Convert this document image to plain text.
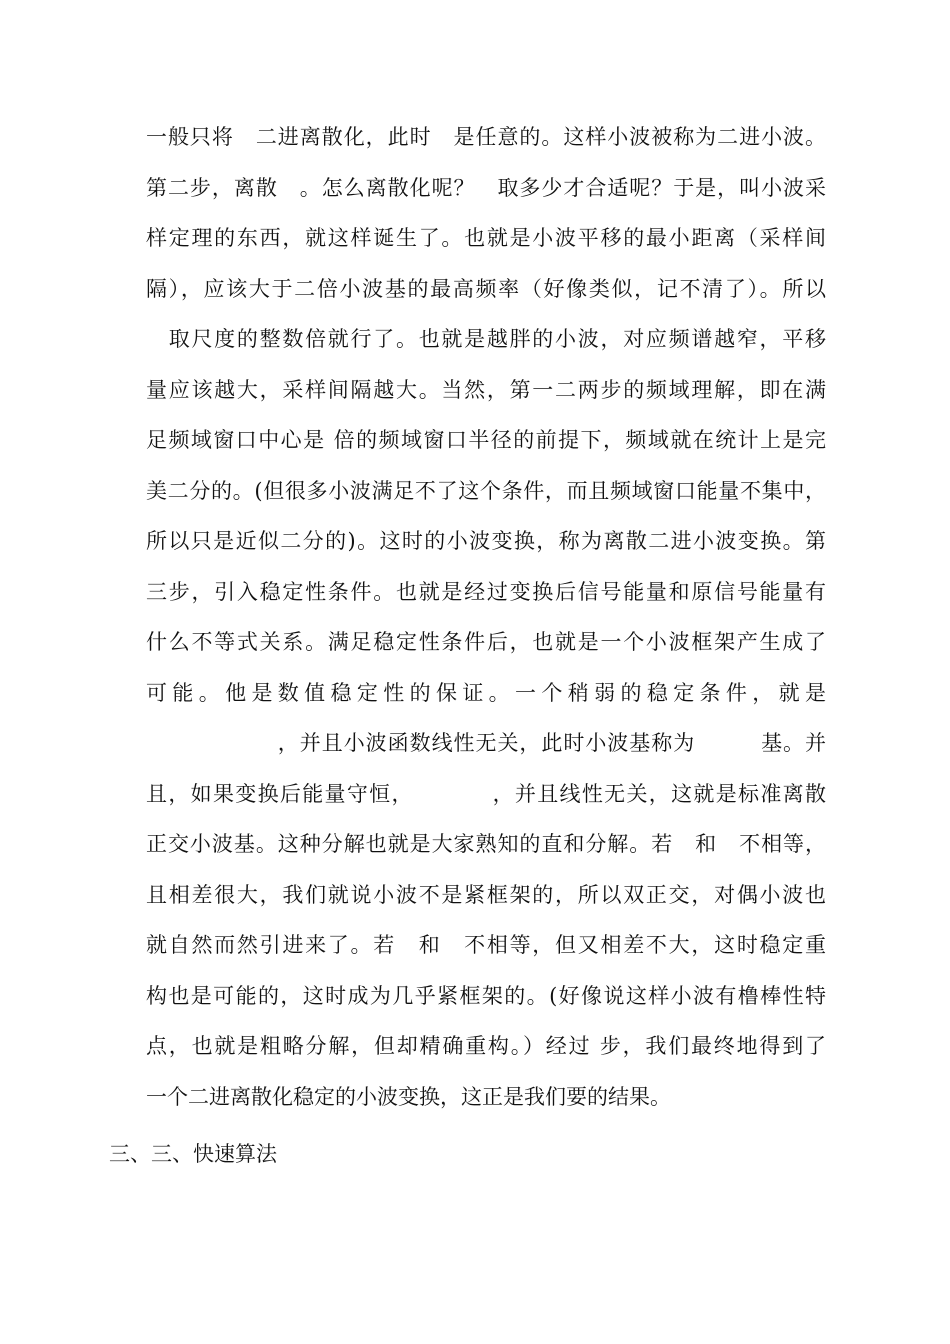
一般只将　二进离散化，此时　是任意的。这样小波被称为二进小波。
第二步，离散　。怎么离散化呢？　取多少才合适呢？于是，叫小波采
样定理的东西，就这样诞生了。也就是小波平移的最小距离（采样间
隔），应该大于二倍小波基的最高频率（好像类似，记不清了）。所以
　取尺度的整数倍就行了。也就是越胖的小波，对应频谱越窄，平移
量应该越大，采样间隔越大。当然，第一二两步的频域理解，即在满
足频域窗口中心是 倍的频域窗口半径的前提下，频域就在统计上是完
美二分的。(但很多小波满足不了这个条件，而且频域窗口能量不集中，
所以只是近似二分的)。这时的小波变换，称为离散二进小波变换。第
三步，引入稳定性条件。也就是经过变换后信号能量和原信号能量有
什么不等式关系。满足稳定性条件后，也就是一个小波框架产生成了
可能。他是数值稳定性的保证。一个稍弱的稳定条件，就是
　　　　　　，并且小波函数线性无关，此时小波基称为　　　基。并
且，如果变换后能量守恒，　　　　，并且线性无关，这就是标准离散
正交小波基。这种分解也就是大家熟知的直和分解。若　和　不相等，
且相差很大，我们就说小波不是紧框架的，所以双正交，对偶小波也
就自然而然引进来了。若　和　不相等，但又相差不大，这时稳定重
构也是可能的，这时成为几乎紧框架的。(好像说这样小波有橹棒性特
点，也就是粗略分解，但却精确重构。）经过 步，我们最终地得到了
一个二进离散化稳定的小波变换，这正是我们要的结果。
三、三、快速算法
